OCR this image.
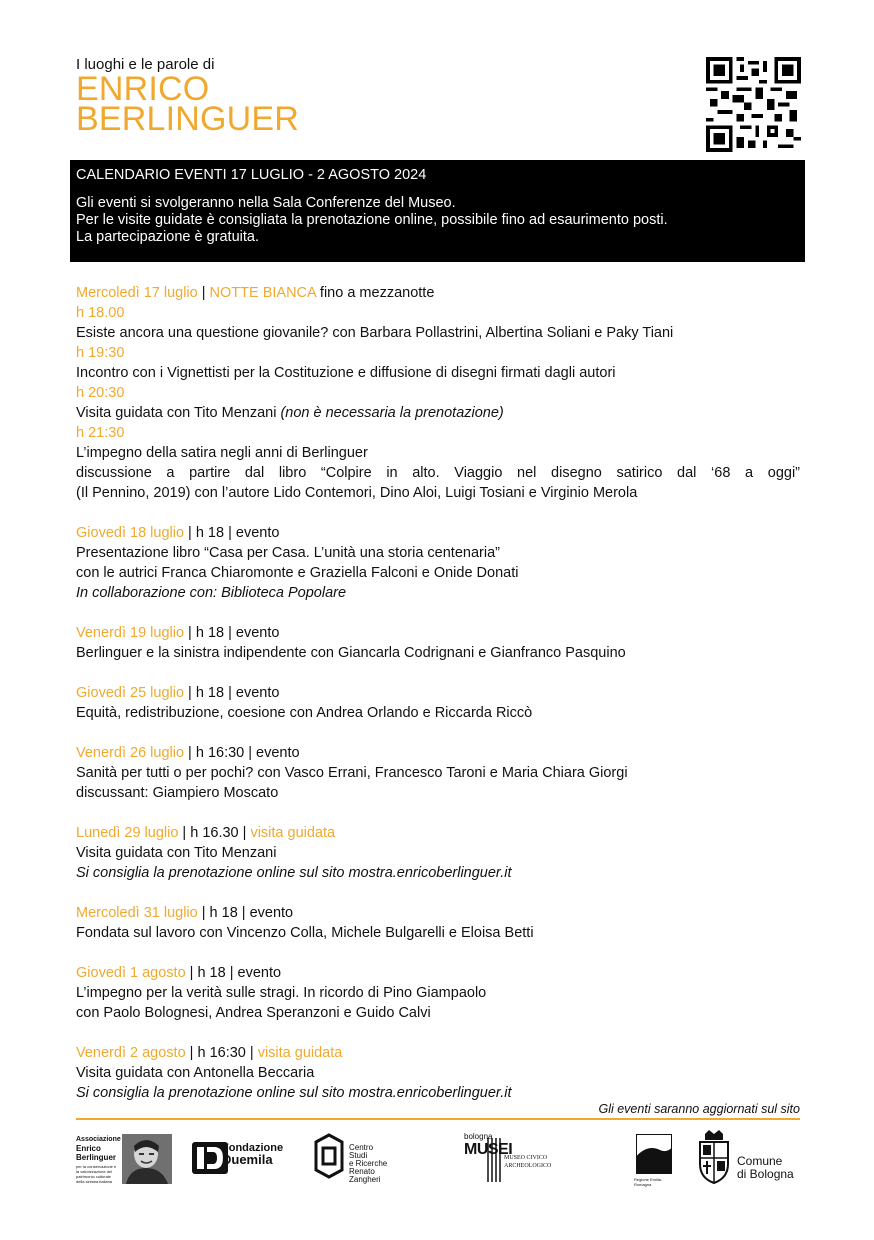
I luoghi e le parole di
ENRICO
BERLINGUER
CALENDARIO EVENTI 17 LUGLIO - 2 AGOSTO 2024
Gli eventi si svolgeranno nella Sala Conferenze del Museo.
Per le visite guidate è consigliata la prenotazione online, possibile fino ad esaurimento posti.
La partecipazione è gratuita.
Mercoledì 17 luglio | NOTTE BIANCA fino a mezzanotte
h 18.00
Esiste ancora una questione giovanile? con Barbara Pollastrini, Albertina Soliani e Paky Tiani
h 19:30
Incontro con i Vignettisti per la Costituzione e diffusione di disegni firmati dagli autori
h 20:30
Visita guidata con Tito Menzani (non è necessaria la prenotazione)
h 21:30
L’impegno della satira negli anni di Berlinguer
discussione a partire dal libro “Colpire in alto. Viaggio nel disegno satirico dal ‘68 a oggi”
(Il Pennino, 2019) con l’autore Lido Contemori, Dino Aloi, Luigi Tosiani e Virginio Merola
Giovedì 18 luglio | h 18 | evento
Presentazione libro “Casa per Casa. L’unità una storia centenaria”
con le autrici Franca Chiaromonte e Graziella Falconi e Onide Donati
In collaborazione con: Biblioteca Popolare
Venerdì 19 luglio | h 18 | evento
Berlinguer e la sinistra indipendente con Giancarla Codrignani e Gianfranco Pasquino
Giovedì 25 luglio | h 18 | evento
Equità, redistribuzione, coesione con Andrea Orlando e Riccarda Riccò
Venerdì 26 luglio | h 16:30 | evento
Sanità per tutti o per pochi? con Vasco Errani, Francesco Taroni e Maria Chiara Giorgi
discussant: Giampiero Moscato
Lunedì 29 luglio | h 16.30 | visita guidata
Visita guidata con Tito Menzani
Si consiglia la prenotazione online sul sito mostra.enricoberlinguer.it
Mercoledì 31 luglio | h 18 | evento
Fondata sul lavoro con Vincenzo Colla, Michele Bulgarelli e Eloisa Betti
Giovedì 1 agosto | h 18 | evento
L’impegno per la verità sulle stragi. In ricordo di Pino Giampaolo
con Paolo Bolognesi, Andrea Speranzoni e Guido Calvi
Venerdì 2 agosto | h 16:30 | visita guidata
Visita guidata con Antonella Beccaria
Si consiglia la prenotazione online sul sito mostra.enricoberlinguer.it
Gli eventi saranno aggiornati sul sito
Associazione
Enrico
Berlinguer
per la conservazione e la valorizzazione del patrimonio culturale della sinistra italiana
Fondazione
Duemila
Centro
Studi
e Ricerche
Renato
Zangheri
bologna
MUSEI
MUSEO CIVICO ARCHEOLOGICO
Regione Emilia-Romagna
Comune
di Bologna
